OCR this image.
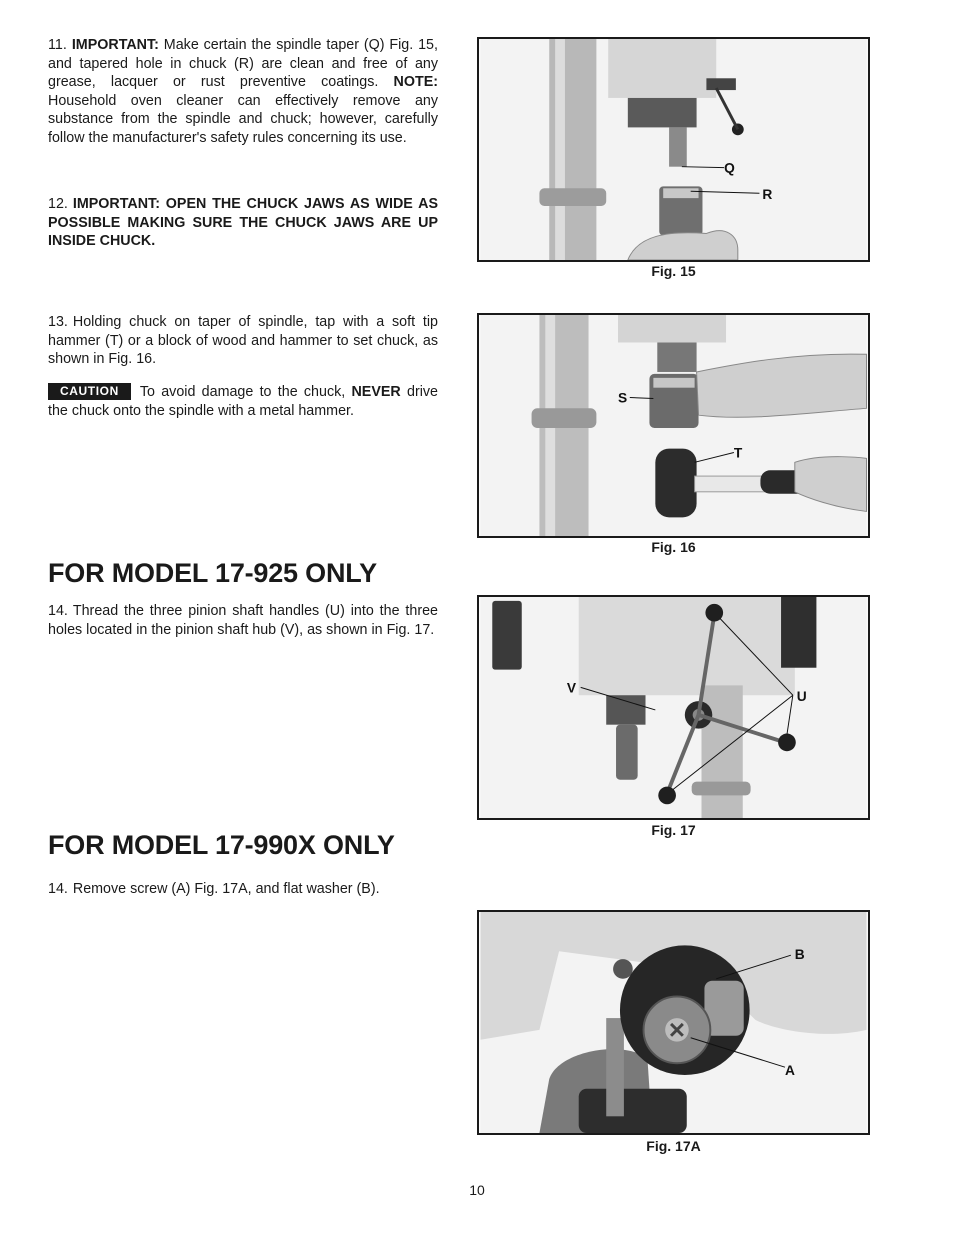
11. IMPORTANT: Make certain the spindle taper (Q) Fig. 15, and tapered hole in chuck (R) are clean and free of any grease, lacquer or rust preventive coatings. NOTE: Household oven cleaner can effectively remove any substance from the spindle and chuck; however, carefully follow the manufacturer's safety rules concerning its use.
12. IMPORTANT: OPEN THE CHUCK JAWS AS WIDE AS POSSIBLE MAKING SURE THE CHUCK JAWS ARE UP INSIDE CHUCK.
13. Holding chuck on taper of spindle, tap with a soft tip hammer (T) or a block of wood and hammer to set chuck, as shown in Fig. 16.
CAUTION To avoid damage to the chuck, NEVER drive the chuck onto the spindle with a metal hammer.
FOR MODEL 17-925 ONLY
14. Thread the three pinion shaft handles (U) into the three holes located in the pinion shaft hub (V), as shown in Fig. 17.
FOR MODEL 17-990X ONLY
14. Remove screw (A) Fig. 17A, and flat washer (B).
Q
R
Fig. 15
S
T
Fig. 16
V
U
Fig. 17
B
A
Fig. 17A
10
